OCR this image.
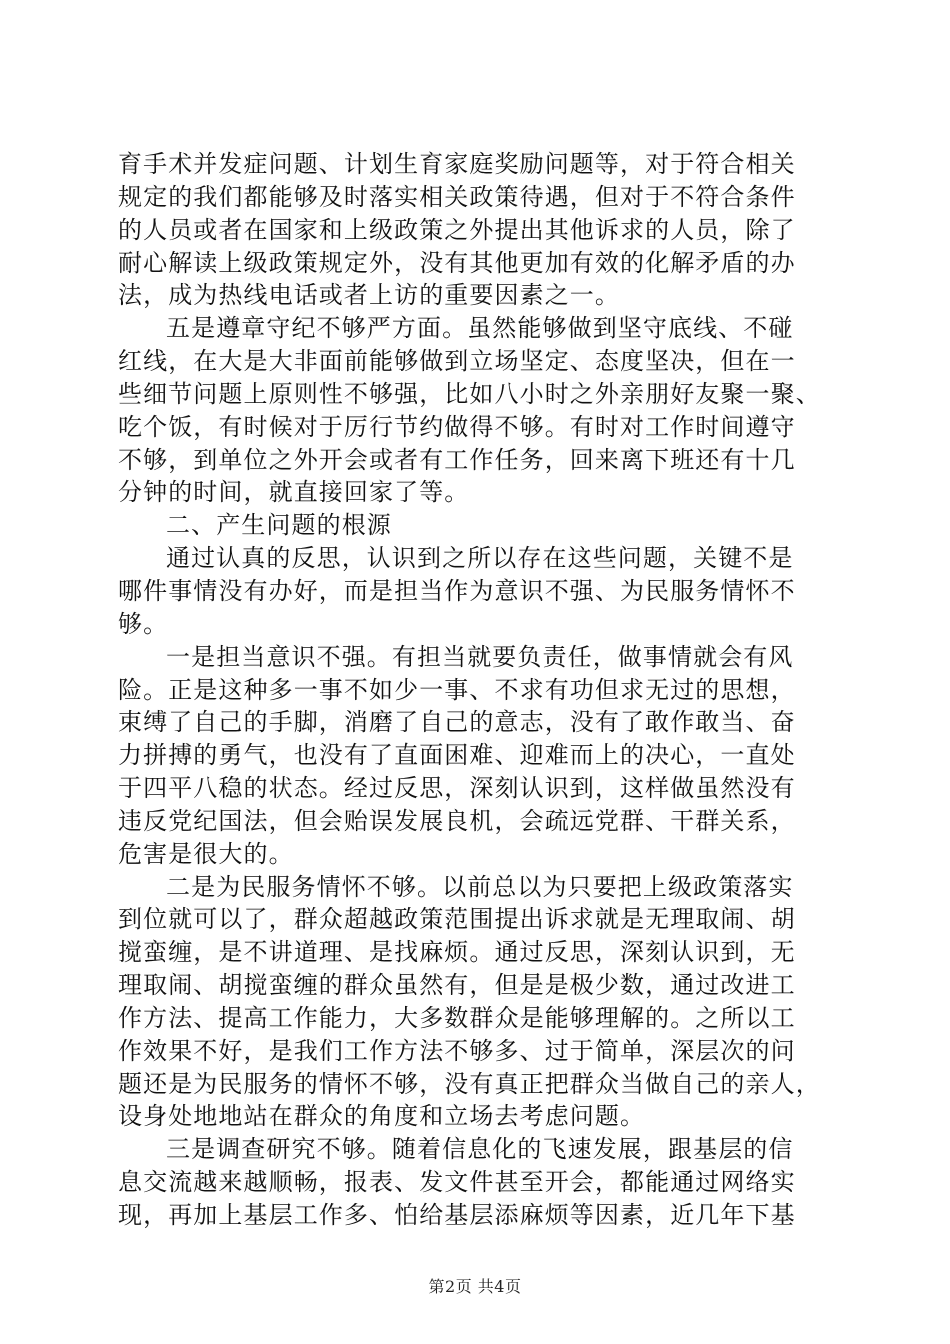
育手术并发症问题、计划生育家庭奖励问题等，对于符合相关
规定的我们都能够及时落实相关政策待遇，但对于不符合条件
的人员或者在国家和上级政策之外提出其他诉求的人员，除了
耐心解读上级政策规定外，没有其他更加有效的化解矛盾的办
法，成为热线电话或者上访的重要因素之一。
五是遵章守纪不够严方面。虽然能够做到坚守底线、不碰
红线，在大是大非面前能够做到立场坚定、态度坚决，但在一
些细节问题上原则性不够强，比如八小时之外亲朋好友聚一聚、
吃个饭，有时候对于厉行节约做得不够。有时对工作时间遵守
不够，到单位之外开会或者有工作任务，回来离下班还有十几
分钟的时间，就直接回家了等。
二、产生问题的根源
通过认真的反思，认识到之所以存在这些问题，关键不是
哪件事情没有办好，而是担当作为意识不强、为民服务情怀不
够。
一是担当意识不强。有担当就要负责任，做事情就会有风
险。正是这种多一事不如少一事、不求有功但求无过的思想，
束缚了自己的手脚，消磨了自己的意志，没有了敢作敢当、奋
力拼搏的勇气，也没有了直面困难、迎难而上的决心，一直处
于四平八稳的状态。经过反思，深刻认识到，这样做虽然没有
违反党纪国法，但会贻误发展良机，会疏远党群、干群关系，
危害是很大的。
二是为民服务情怀不够。以前总以为只要把上级政策落实
到位就可以了，群众超越政策范围提出诉求就是无理取闹、胡
搅蛮缠，是不讲道理、是找麻烦。通过反思，深刻认识到，无
理取闹、胡搅蛮缠的群众虽然有，但是是极少数，通过改进工
作方法、提高工作能力，大多数群众是能够理解的。之所以工
作效果不好，是我们工作方法不够多、过于简单，深层次的问
题还是为民服务的情怀不够，没有真正把群众当做自己的亲人，
设身处地地站在群众的角度和立场去考虑问题。
三是调查研究不够。随着信息化的飞速发展，跟基层的信
息交流越来越顺畅，报表、发文件甚至开会，都能通过网络实
现，再加上基层工作多、怕给基层添麻烦等因素，近几年下基
第2页 共4页
